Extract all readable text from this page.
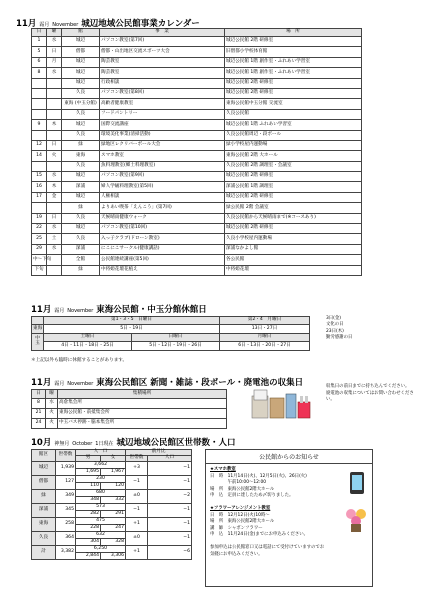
11月 霜月 November 城辺地域公民館事業カレンダー
日	曜	館	事　業	場　所
1	水	城辺	パソコン教室(第7回)	城辺公民館 2階 研修室
5	日	僧都	僧都・山出地区交流スポーツ大会	旧僧都小学校体育館
6	月	城辺	陶芸教室	城辺公民館 1階 創作室・ふれあい学習室
8	水	城辺	陶芸教室	城辺公民館 1階 創作室・ふれあい学習室
		城辺	行政相談	城辺公民館 2階 研修室
		久良	パソコン教室(第8回)	城辺公民館 2階 研修室
		東海 (中玉分館)	高齢者健康教室	東海公民館中玉分館 交流室
		久良	フードパントリー	久良公民館
9	木	城辺	国際交流講座	城辺公民館 1階 ふれあい学習室
		久良	環境美化事業(清掃活動)	久良公民館周辺・段ボール
12	日	緑	緑地区レクリバーボール大会	緑小学校屋内運動場
14	火	東海	スマホ教室	東海公民館 2階 大ホール
		久良	魚料理教室(郷土料理教室)	久良公民館 2階 調理室・会議室
15	水	城辺	パソコン教室(第9回)	城辺公民館 2階 研修室
16	木	深浦	婦人学級料理教室(第5回)	深浦公民館 1階 調理室
17	金	城辺	人権相談	城辺公民館 2階 研修室
		緑	よりあい喫茶「えんこう」(第7回)	緑公民館 2階 会議室
19	日	久良	天候晴雨健康ウォーク	久良公民館から天候晴雨まで(※コースあり)
22	水	城辺	パソコン教室(第10回)	城辺公民館 2階 研修室
25	土	久良	入っ子クラブ(ドローン教室)	久良小学校屋内運動場
29	水	深浦	にこにこサークル(健康講話)	深浦なかよし館
中～下旬		全館	公民館連続講座(第5回)	各公民館
下旬		緑	中将姫花壇花植え	中将姫花壇
11月 霜月 November 東海公民館・中玉分館休館日
	第1・3・5　日曜日		第2・4　月曜日
東海	5日・19日		13日・27日
中玉	土曜日	日曜日	月曜日
	4日・11日・18日・25日	5日・12日・19日・26日	6日・13日・20日・27日
3日(金)
文化の日
23日(木)
勤労感謝の日
＊上記以外も臨時に休館することがあります。
11月 霜月 November 東海公民館区 新聞・雑誌・段ボール・廃電池の収集日
日	曜	集積場所
8	水	高倉集会所
21	火	東海公民館・前抵集会所
24	火	中玉バス停跡・脇本集会所
収集日の前日までに持ち込んでください。
廃電池の収集についてはお問い合わせください。
10月 神無月 October 1日現在 城辺地域公民館区世帯数・人口
館区	世帯数	人　口		前月比	
		男	女	世帯数	人口
城辺	1,939	3,662		+3	−1
		1,695	1,967		
僧都	127	230		−1	−1
		110	120		
緑	349	680		±0	−2
		348	332		
深浦	345	573		−1	−1
		282	291		
東海	258	475		+1	−1
		228	247		
久良	364	632		±0	−1
		304	328		
計	3,382	6,250		+1	−6
		2,844	3,306		
公民館からのお知らせ
★スマホ教室
日　時　11月14日(火)、12月5日(火)、26日(火)
　　　　午前10:00～12:00
場　所　東海公民館2階大ホール
申　込　定員に達したため〆切りました。
★フラワーアレンジメント教室
日　時　12月12日(火)10時～
場　所　東海公民館2階大ホール
講　師　シャボンフラワー
申　込　11月24日(金)までにお申込みください。
参加申込は公民館窓口又は電話にて受付けていますのでお
気軽にお申込みください。
